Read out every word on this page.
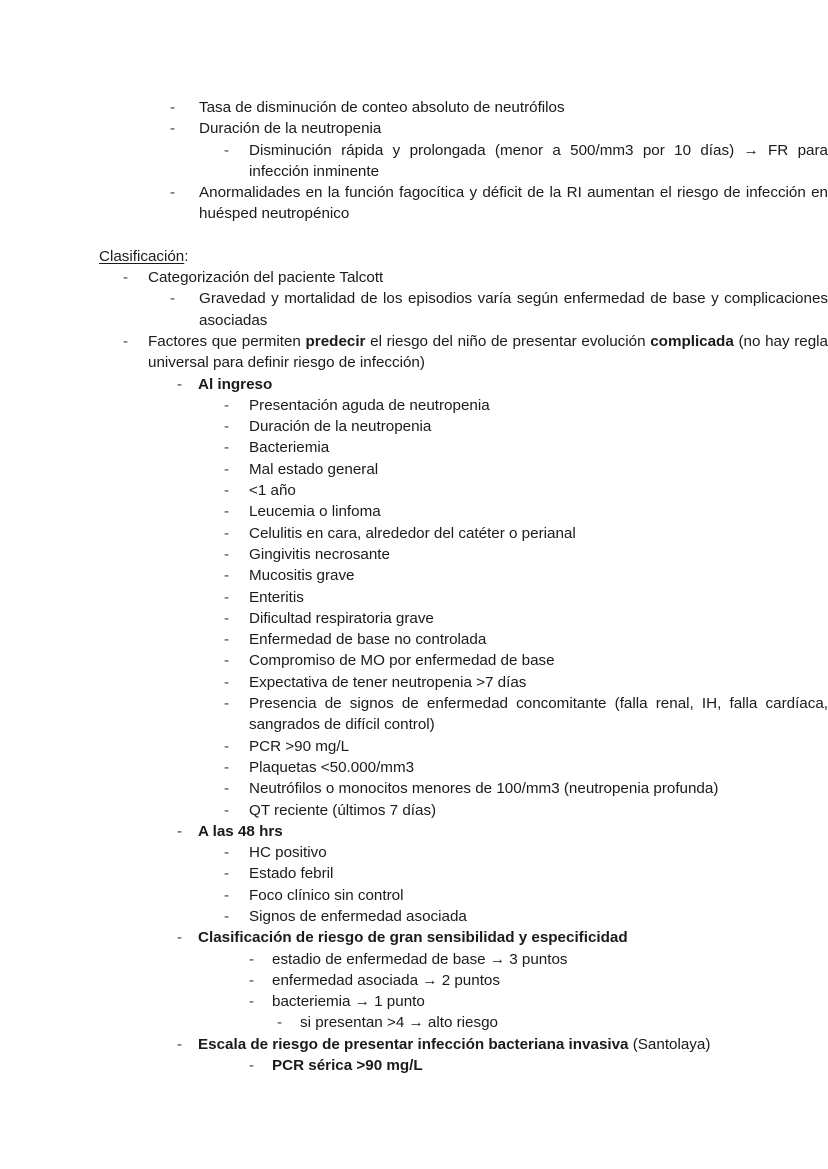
-	Tasa de disminución de conteo absoluto de neutrófilos
-	Duración de la neutropenia
-	Disminución rápida y prolongada (menor a 500/mm3 por 10 días) → FR para infección inminente
-	Anormalidades en la función fagocítica y déficit de la RI aumentan el riesgo de infección en huésped neutropénico
Clasificación:
-	Categorización del paciente Talcott
-	Gravedad y mortalidad de los episodios varía según enfermedad de base y complicaciones asociadas
-	Factores que permiten predecir el riesgo del niño de presentar evolución complicada (no hay regla universal para definir riesgo de infección)
-	Al ingreso
-	Presentación aguda de neutropenia
-	Duración de la neutropenia
-	Bacteriemia
-	Mal estado general
-	<1 año
-	Leucemia o linfoma
-	Celulitis en cara, alrededor del catéter o perianal
-	Gingivitis necrosante
-	Mucositis grave
-	Enteritis
-	Dificultad respiratoria grave
-	Enfermedad de base no controlada
-	Compromiso de MO por enfermedad de base
-	Expectativa de tener neutropenia >7 días
-	Presencia de signos de enfermedad concomitante (falla renal, IH, falla cardíaca, sangrados de difícil control)
-	PCR >90 mg/L
-	Plaquetas <50.000/mm3
-	Neutrófilos o monocitos menores de 100/mm3 (neutropenia profunda)
-	QT reciente (últimos 7 días)
-	A las 48 hrs
-	HC positivo
-	Estado febril
-	Foco clínico sin control
-	Signos de enfermedad asociada
-	Clasificación de riesgo de gran sensibilidad y especificidad
-	estadio de enfermedad de base → 3 puntos
-	enfermedad asociada → 2 puntos
-	bacteriemia → 1 punto
-	si presentan >4 → alto riesgo
-	Escala de riesgo de presentar infección bacteriana invasiva (Santolaya)
-	PCR sérica >90 mg/L
